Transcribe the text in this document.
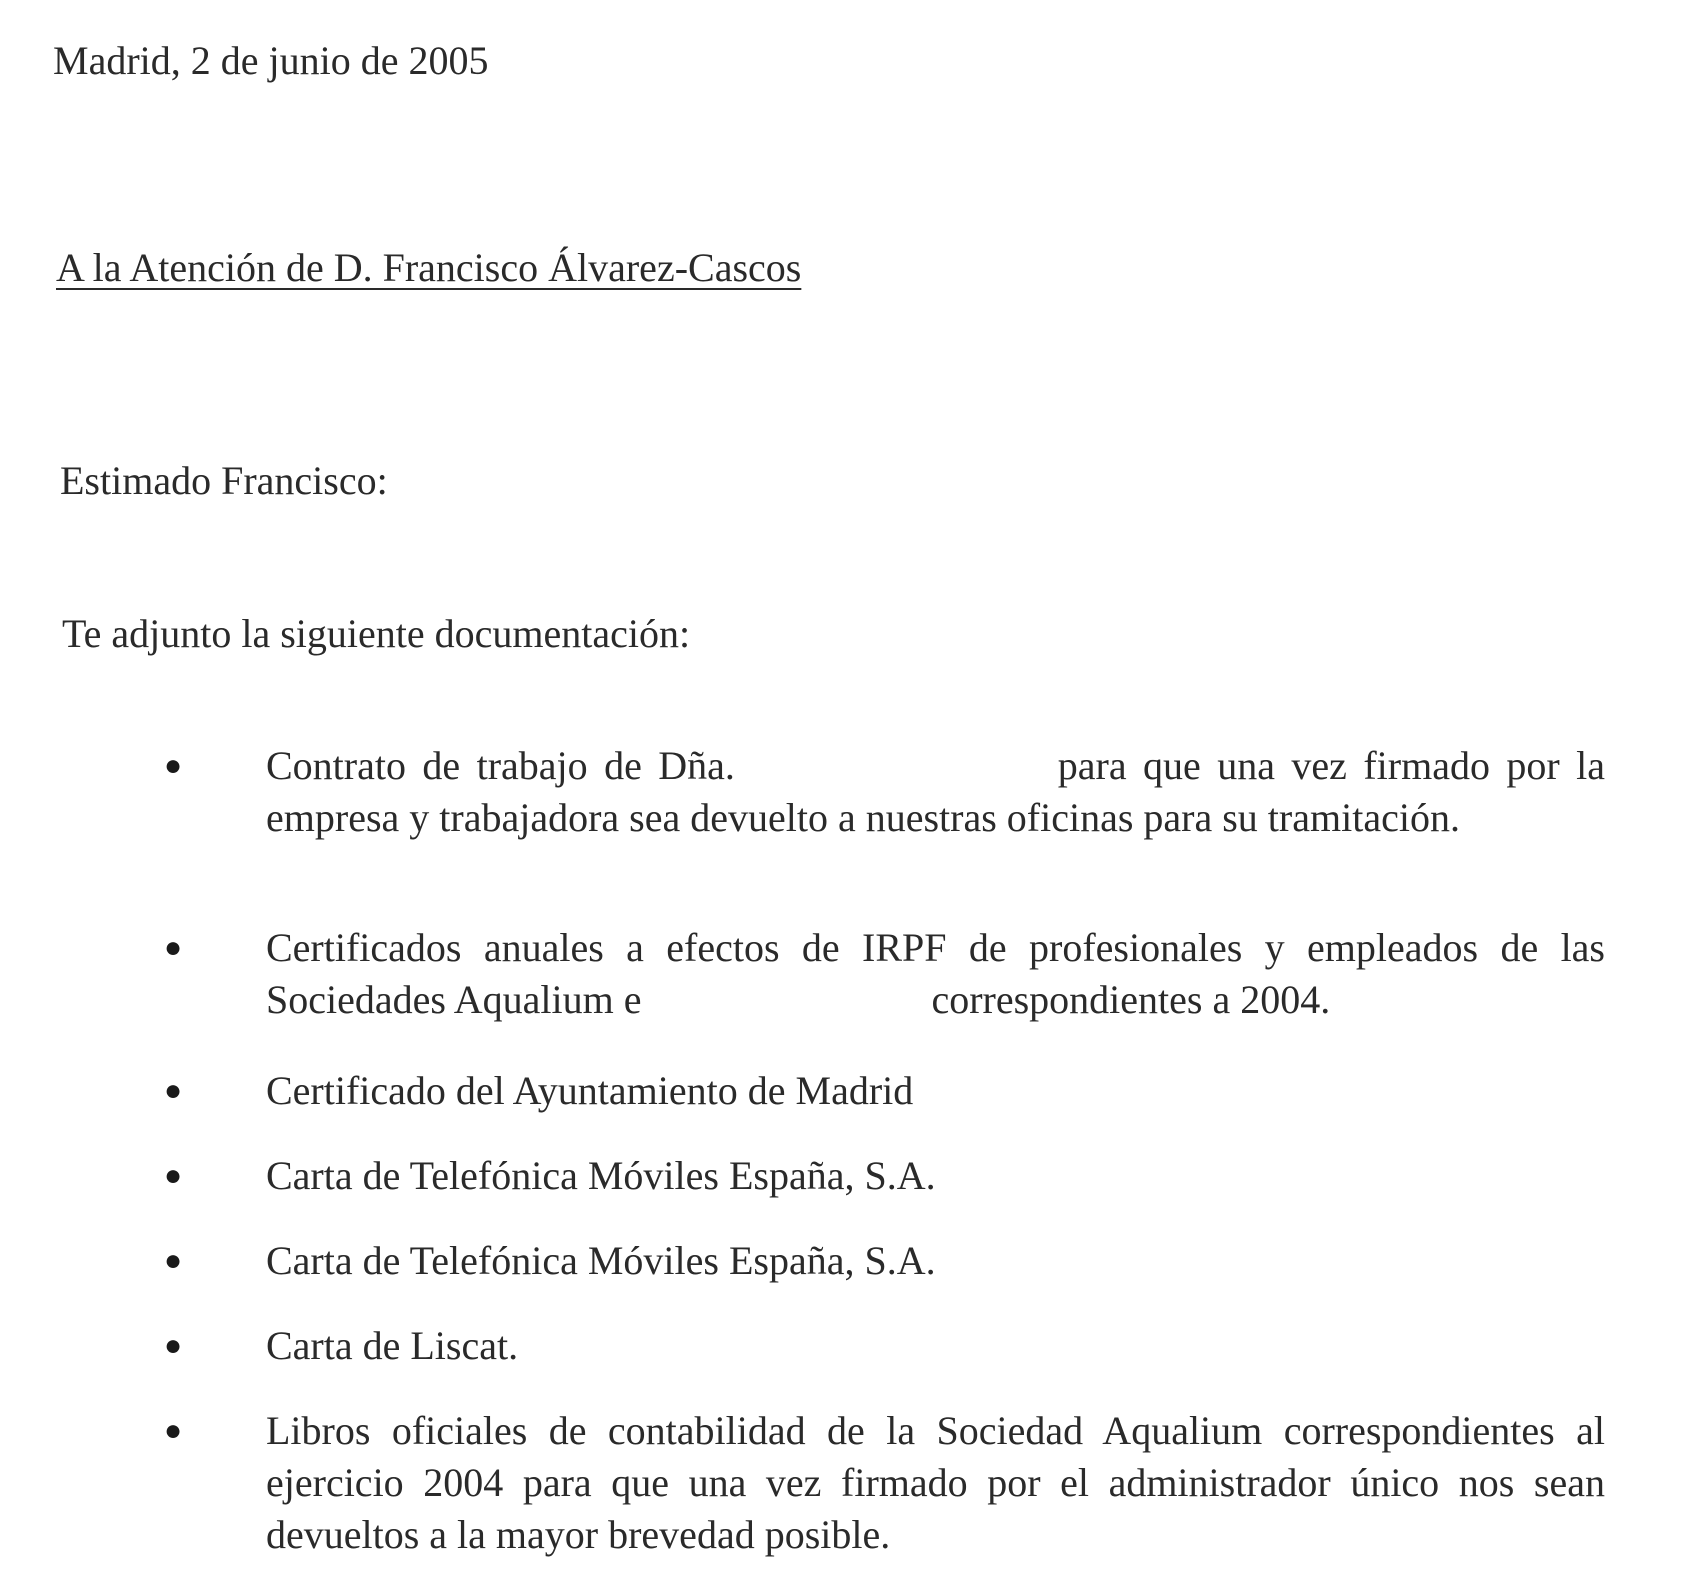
Madrid, 2 de junio de 2005
A la Atención de D. Francisco Álvarez-Cascos
Estimado Francisco:
Te adjunto la siguiente documentación:
● Contrato de trabajo de Dña.	para que una vez firmado por la empresa y trabajadora sea devuelto a nuestras oficinas para su tramitación.
● Certificados anuales a efectos de IRPF de profesionales y empleados de las Sociedades Aqualium e	correspondientes a 2004.
● Certificado del Ayuntamiento de Madrid
● Carta de Telefónica Móviles España, S.A.
● Carta de Telefónica Móviles España, S.A.
● Carta de Liscat.
● Libros oficiales de contabilidad de la Sociedad Aqualium correspondientes al ejercicio 2004 para que una vez firmado por el administrador único nos sean devueltos a la mayor brevedad posible.
